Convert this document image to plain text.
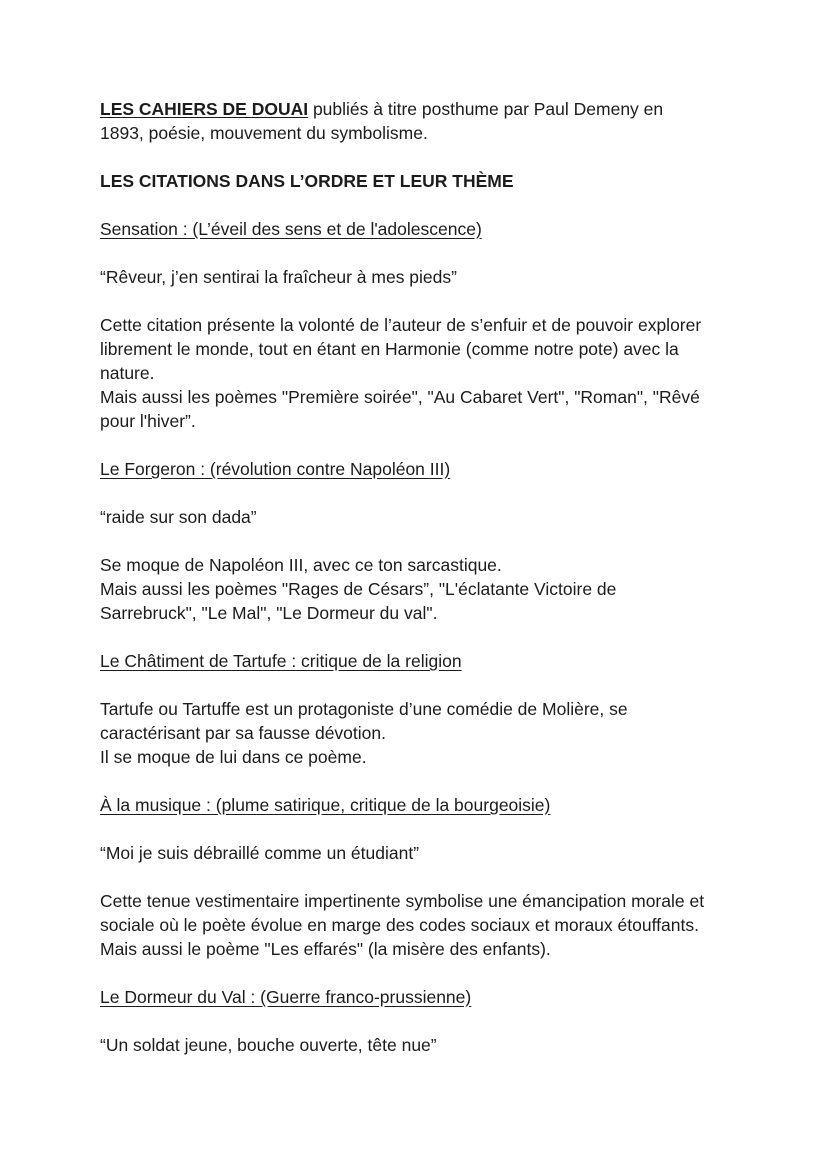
LES CAHIERS DE DOUAI publiés à titre posthume par Paul Demeny en
1893, poésie, mouvement du symbolisme.

LES CITATIONS DANS L’ORDRE ET LEUR THÈME

Sensation : (L’éveil des sens et de l'adolescence)

“Rêveur, j’en sentirai la fraîcheur à mes pieds”

Cette citation présente la volonté de l’auteur de s’enfuir et de pouvoir explorer
librement le monde, tout en étant en Harmonie (comme notre pote) avec la
nature.
Mais aussi les poèmes "Première soirée", "Au Cabaret Vert", "Roman", "Rêvé
pour l'hiver”.

Le Forgeron : (révolution contre Napoléon III)

“raide sur son dada”

Se moque de Napoléon III, avec ce ton sarcastique.
Mais aussi les poèmes "Rages de Césars”, "L'éclatante Victoire de
Sarrebruck", "Le Mal", "Le Dormeur du val".

Le Châtiment de Tartufe : critique de la religion

Tartufe ou Tartuffe est un protagoniste d’une comédie de Molière, se
caractérisant par sa fausse dévotion.
Il se moque de lui dans ce poème.

À la musique : (plume satirique, critique de la bourgeoisie)

“Moi je suis débraillé comme un étudiant”

Cette tenue vestimentaire impertinente symbolise une émancipation morale et
sociale où le poète évolue en marge des codes sociaux et moraux étouffants.
Mais aussi le poème "Les effarés" (la misère des enfants).

Le Dormeur du Val : (Guerre franco-prussienne)

“Un soldat jeune, bouche ouverte, tête nue”
